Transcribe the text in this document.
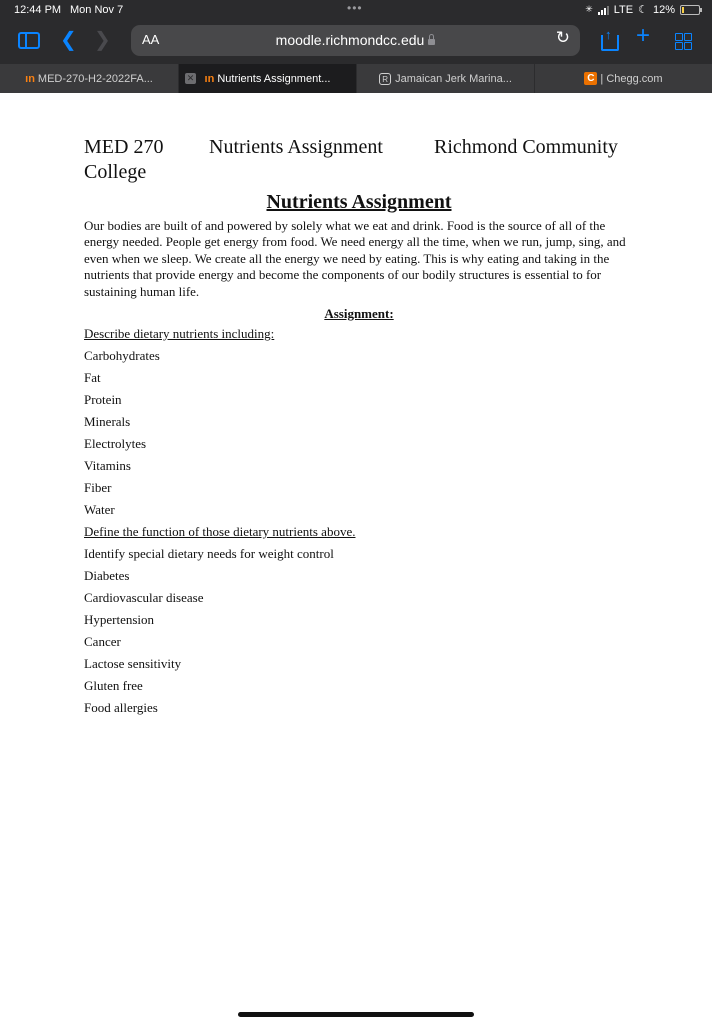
12:44 PM Mon Nov 7	•••	✳ LTE ☾ 12%
❮ ❯ AA	moodle.richmondcc.edu	↻	↑ +
ın MED-270-H2-2022FA...	✕ ın Nutrients Assignment...	R Jamaican Jerk Marina...	C | Chegg.com
MED 270 Nutrients Assignment	Richmond Community
College
Nutrients Assignment

Our bodies are built of and powered by solely what we eat and drink. Food is the source of all of the energy needed. People get energy from food. We need energy all the time, when we run, jump, sing, and even when we sleep. We create all the energy we need by eating. This is why eating and taking in the nutrients that provide energy and become the components of our bodily structures is essential to for sustaining human life.

Assignment:
Describe dietary nutrients including:
Carbohydrates
Fat
Protein
Minerals
Electrolytes
Vitamins
Fiber
Water
Define the function of those dietary nutrients above.
Identify special dietary needs for weight control
Diabetes
Cardiovascular disease
Hypertension
Cancer
Lactose sensitivity
Gluten free
Food allergies
